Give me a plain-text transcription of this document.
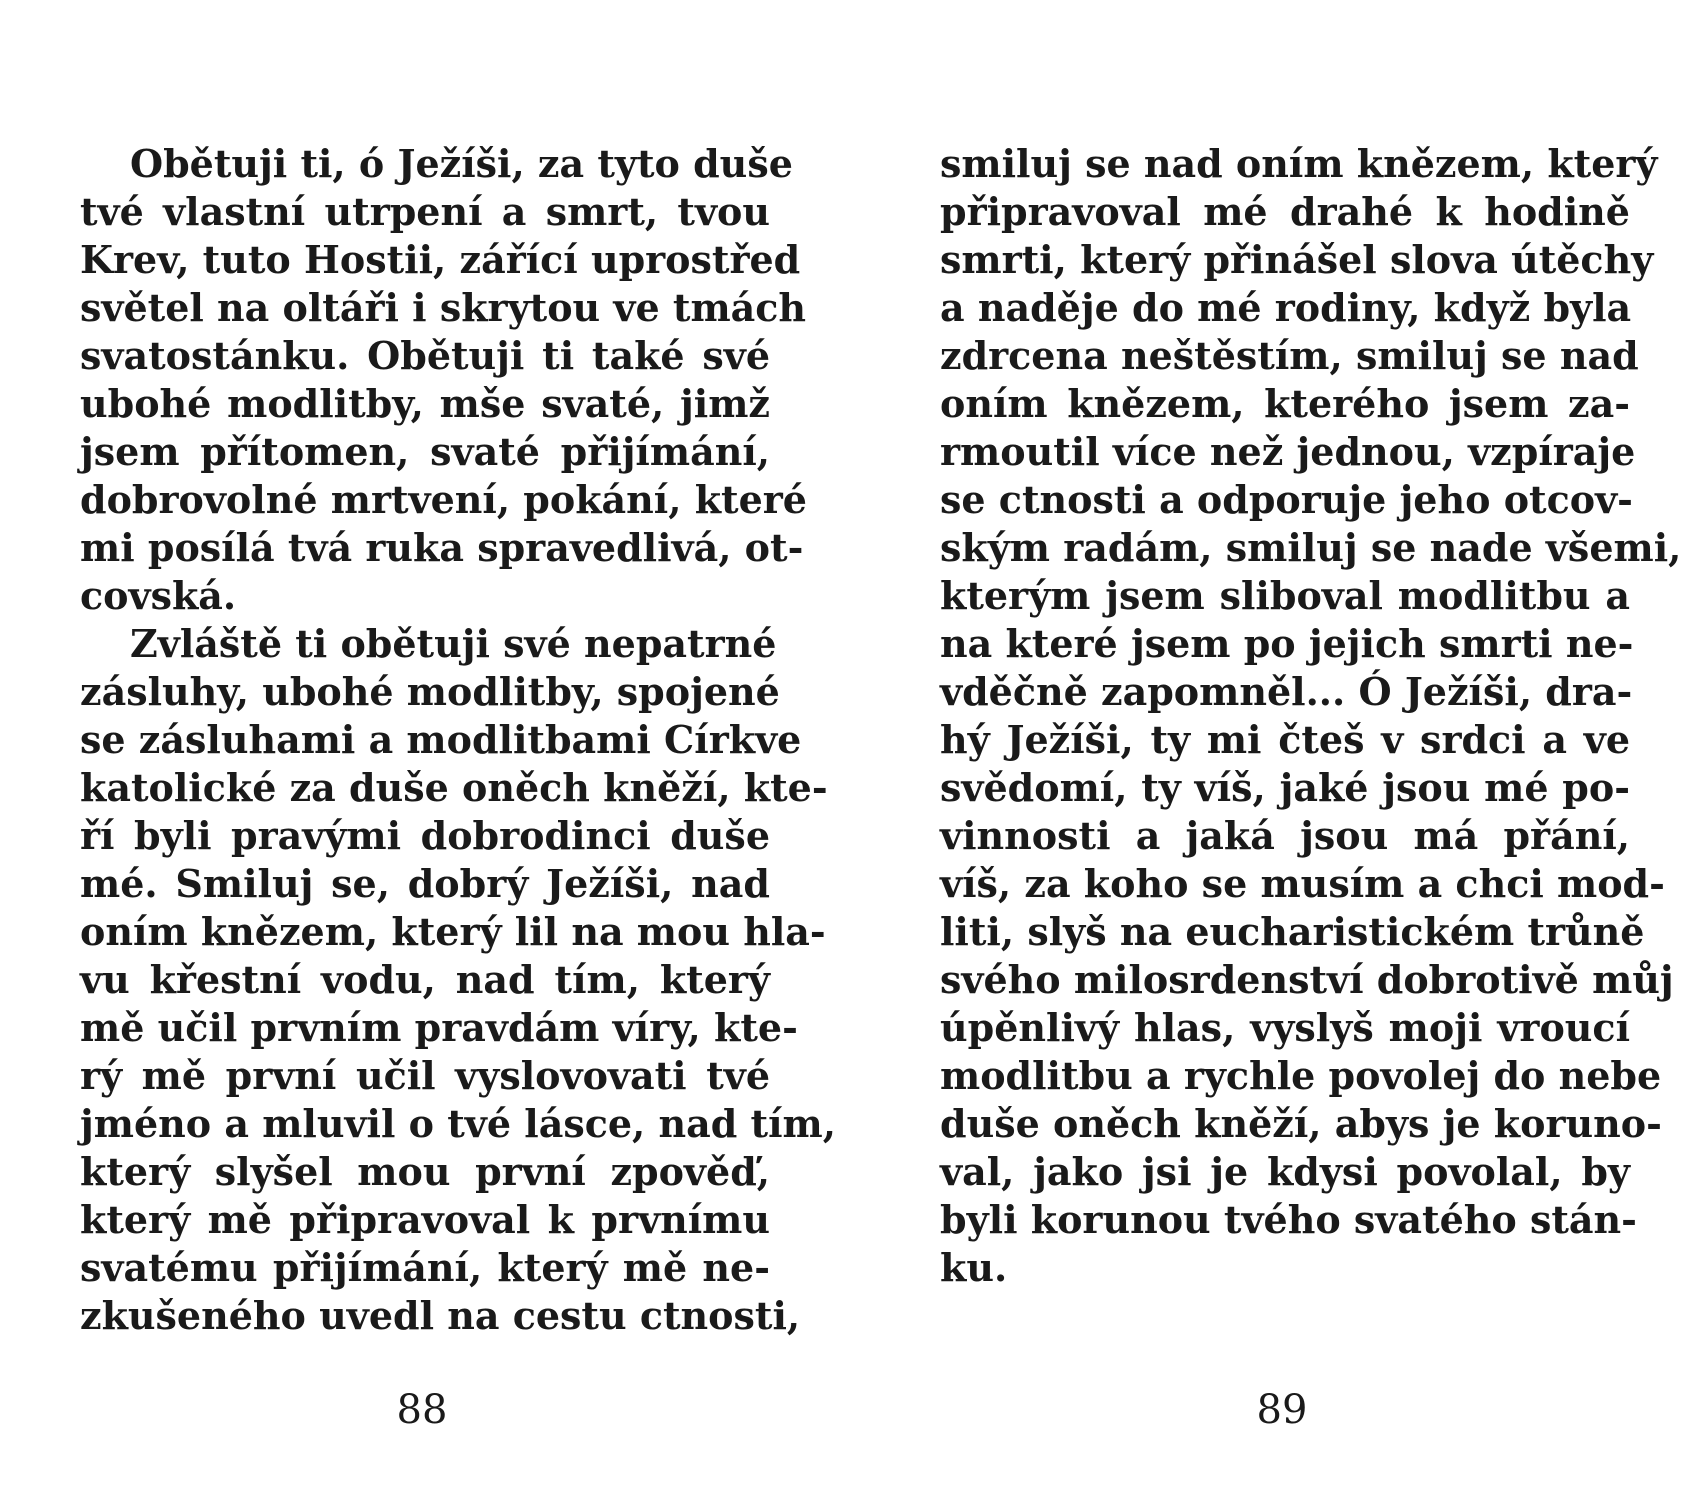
Obětuji ti, ó Ježíši, za tyto duše
tvé vlastní utrpení a smrt, tvou
Krev, tuto Hostii, zářící uprostřed
světel na oltáři i skrytou ve tmách
svatostánku. Obětuji ti také své
ubohé modlitby, mše svaté, jimž
jsem přítomen, svaté přijímání,
dobrovolné mrtvení, pokání, které
mi posílá tvá ruka spravedlivá, ot-
covská.
Zvláště ti obětuji své nepatrné
zásluhy, ubohé modlitby, spojené
se zásluhami a modlitbami Církve
katolické za duše oněch kněží, kte-
ří byli pravými dobrodinci duše
mé. Smiluj se, dobrý Ježíši, nad
oním knězem, který lil na mou hla-
vu křestní vodu, nad tím, který
mě učil prvním pravdám víry, kte-
rý mě první učil vyslovovati tvé
jméno a mluvil o tvé lásce, nad tím,
který slyšel mou první zpověď,
který mě připravoval k prvnímu
svatému přijímání, který mě ne-
zkušeného uvedl na cestu ctnosti,
smiluj se nad oním knězem, který
připravoval mé drahé k hodině
smrti, který přinášel slova útěchy
a naděje do mé rodiny, když byla
zdrcena neštěstím, smiluj se nad
oním knězem, kterého jsem za-
rmoutil více než jednou, vzpíraje
se ctnosti a odporuje jeho otcov-
ským radám, smiluj se nade všemi,
kterým jsem sliboval modlitbu a
na které jsem po jejich smrti ne-
vděčně zapomněl... Ó Ježíši, dra-
hý Ježíši, ty mi čteš v srdci a ve
svědomí, ty víš, jaké jsou mé po-
vinnosti a jaká jsou má přání,
víš, za koho se musím a chci mod-
liti, slyš na eucharistickém trůně
svého milosrdenství dobrotivě můj
úpěnlivý hlas, vyslyš moji vroucí
modlitbu a rychle povolej do nebe
duše oněch kněží, abys je koruno-
val, jako jsi je kdysi povolal, by
byli korunou tvého svatého stán-
ku.
88	89
